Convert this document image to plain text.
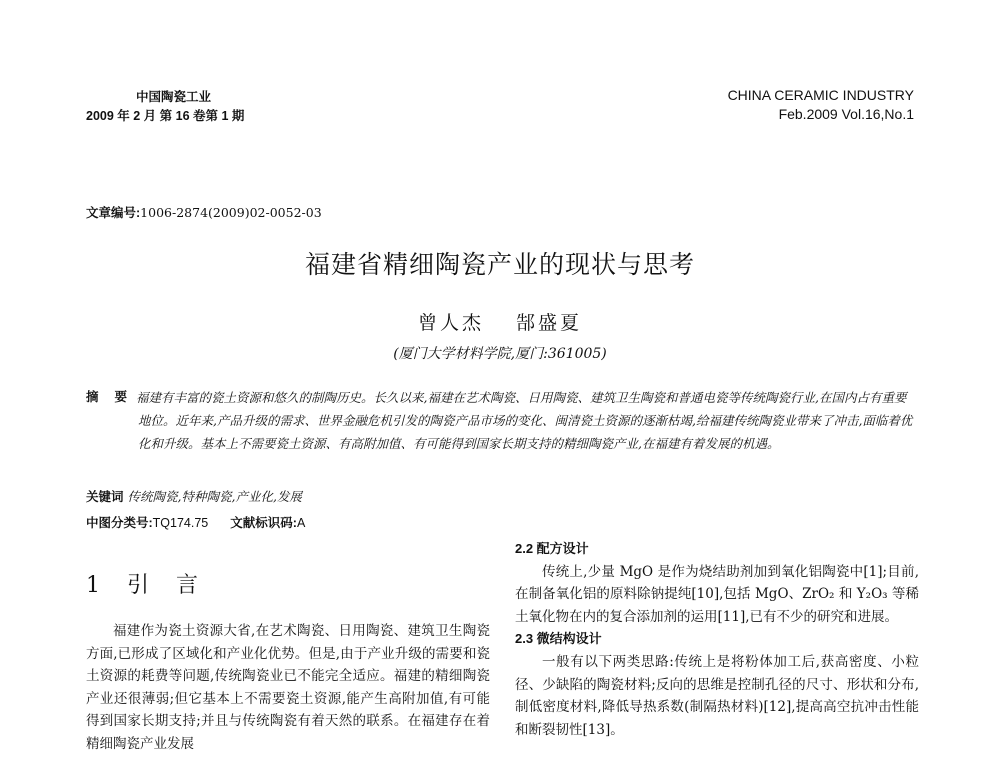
中国陶瓷工业
2009 年 2 月 第 16 卷第 1 期
CHINA CERAMIC INDUSTRY
Feb.2009 Vol.16,No.1
文章编号:1006-2874(2009)02-0052-03
福建省精细陶瓷产业的现状与思考
曾人杰 郜盛夏
(厦门大学材料学院,厦门:361005)
摘 要 福建有丰富的瓷土资源和悠久的制陶历史。长久以来,福建在艺术陶瓷、日用陶瓷、建筑卫生陶瓷和普通电瓷等传统陶瓷行业,在国内占有重要地位。近年来,产品升级的需求、世界金融危机引发的陶瓷产品市场的变化、闽清瓷土资源的逐渐枯竭,给福建传统陶瓷业带来了冲击,面临着优化和升级。基本上不需要瓷土资源、有高附加值、有可能得到国家长期支持的精细陶瓷产业,在福建有着发展的机遇。
关键词 传统陶瓷,特种陶瓷,产业化,发展
中图分类号:TQ174.75 文献标识码:A
1 引 言

福建作为瓷土资源大省,在艺术陶瓷、日用陶瓷、建筑卫生陶瓷方面,已形成了区域化和产业化优势。但是,由于产业升级的需要和瓷土资源的耗费等问题,传统陶瓷业已不能完全适应。福建的精细陶瓷产业还很薄弱;但它基本上不需要瓷土资源,能产生高附加值,有可能得到国家长期支持;并且与传统陶瓷有着天然的联系。在福建存在着精细陶瓷产业发展

2.2 配方设计

传统上,少量 MgO 是作为烧结助剂加到氧化铝陶瓷中[1];目前,在制备氧化铝的原料除钠提纯[10],包括 MgO、ZrO₂ 和 Y₂O₃ 等稀土氧化物在内的复合添加剂的运用[11],已有不少的研究和进展。

2.3 微结构设计

一般有以下两类思路:传统上是将粉体加工后,获高密度、小粒径、少缺陷的陶瓷材料;反向的思维是控制孔径的尺寸、形状和分布,制低密度材料,降低导热系数(制隔热材料)[12],提高高空抗冲击性能和断裂韧性[13]。
